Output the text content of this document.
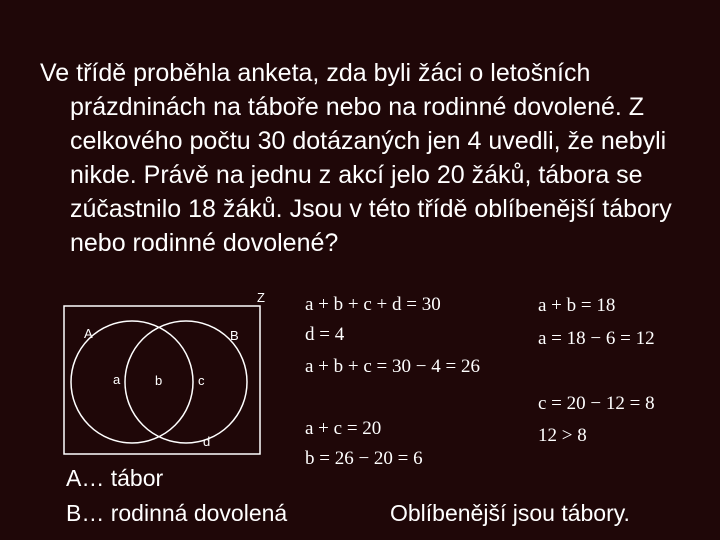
Ve třídě proběhla anketa, zda byli žáci o letošních prázdninách na táboře nebo na rodinné dovolené. Z celkového počtu 30 dotázaných jen 4 uvedli, že nebyli nikde. Právě na jednu z akcí jelo 20 žáků, tábora se zúčastnilo 18 žáků. Jsou v této třídě oblíbenější tábory nebo rodinné dovolené?
Z
A	B
a	b	c
d
a + b + c + d = 30
d = 4
a + b + c = 30 − 4 = 26
a + c = 20
b = 26 − 20 = 6
a + b = 18
a = 18 − 6 = 12
c = 20 − 12 = 8
12 > 8
A… tábor
B… rodinná dovolená	Oblíbenější jsou tábory.
